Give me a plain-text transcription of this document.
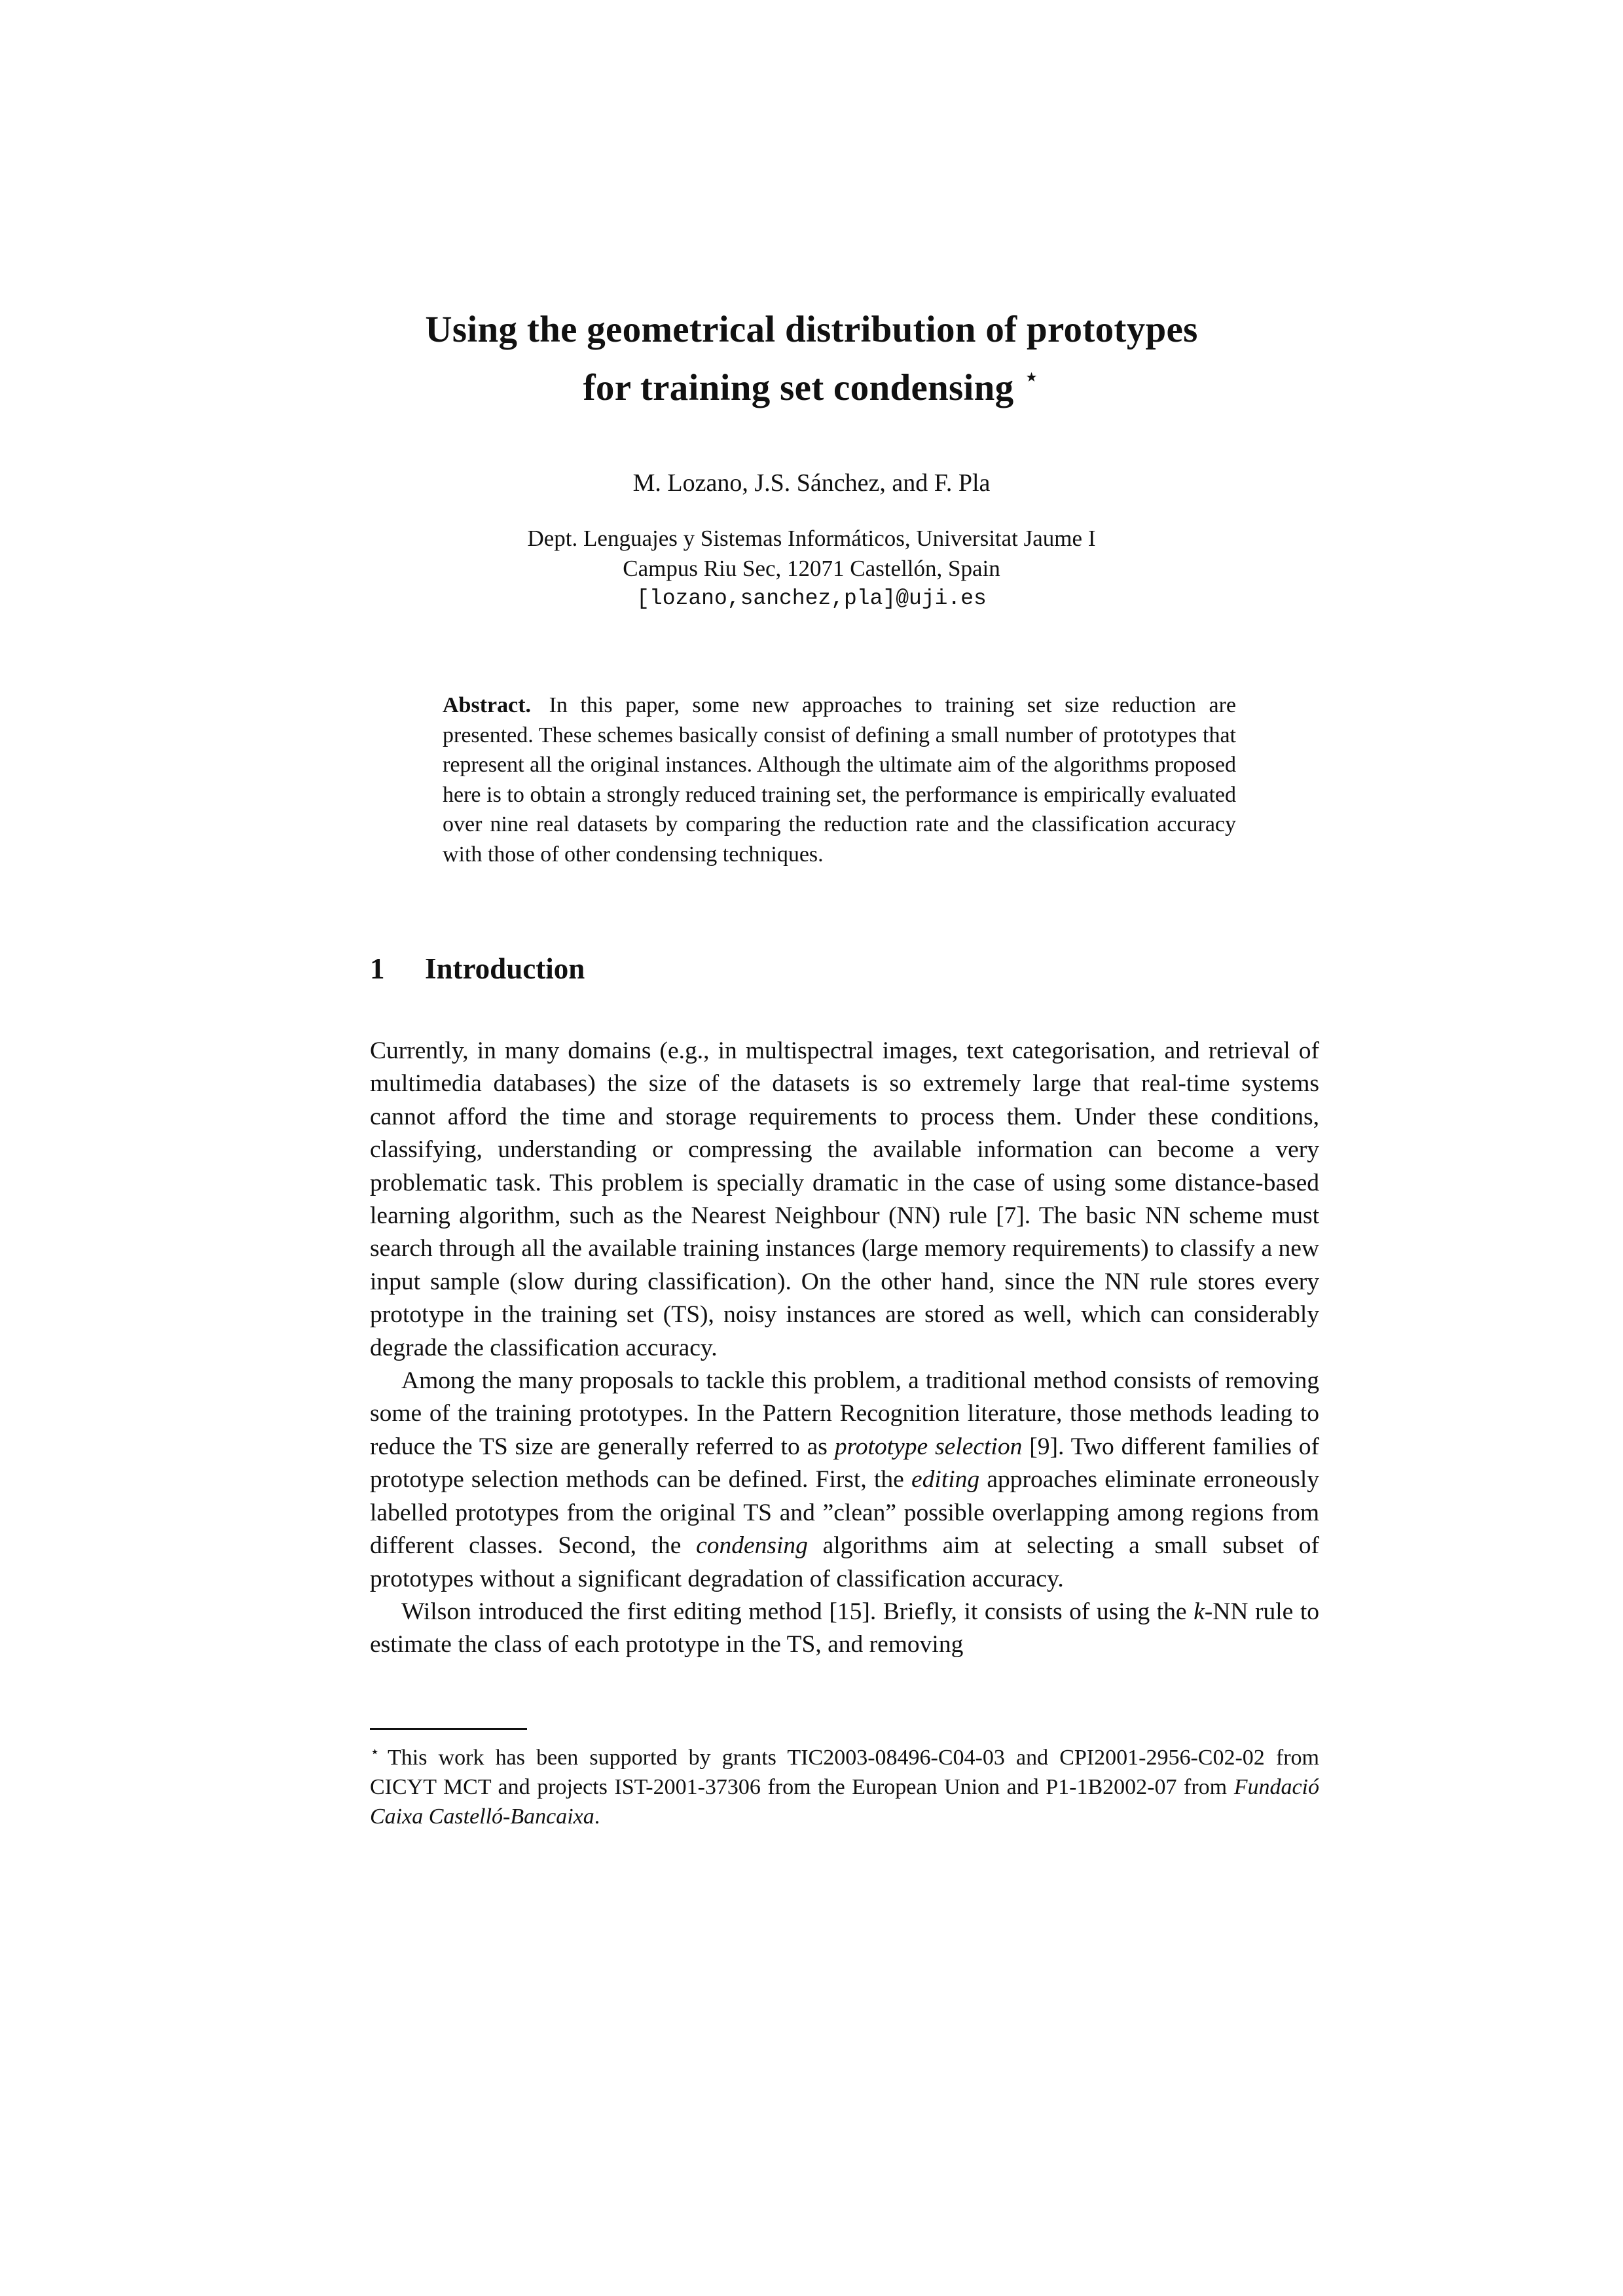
Using the geometrical distribution of prototypes
for training set condensing ⋆
M. Lozano, J.S. Sánchez, and F. Pla
Dept. Lenguajes y Sistemas Informáticos, Universitat Jaume I
Campus Riu Sec, 12071 Castellón, Spain
[lozano,sanchez,pla]@uji.es
Abstract. In this paper, some new approaches to training set size reduction are presented. These schemes basically consist of defining a small number of prototypes that represent all the original instances. Although the ultimate aim of the algorithms proposed here is to obtain a strongly reduced training set, the performance is empirically evaluated over nine real datasets by comparing the reduction rate and the classification accuracy with those of other condensing techniques.
1 Introduction

Currently, in many domains (e.g., in multispectral images, text categorisation, and retrieval of multimedia databases) the size of the datasets is so extremely large that real-time systems cannot afford the time and storage requirements to process them. Under these conditions, classifying, understanding or compressing the available information can become a very problematic task. This problem is specially dramatic in the case of using some distance-based learning algorithm, such as the Nearest Neighbour (NN) rule [7]. The basic NN scheme must search through all the available training instances (large memory requirements) to classify a new input sample (slow during classification). On the other hand, since the NN rule stores every prototype in the training set (TS), noisy instances are stored as well, which can considerably degrade the classification accuracy.

Among the many proposals to tackle this problem, a traditional method consists of removing some of the training prototypes. In the Pattern Recognition literature, those methods leading to reduce the TS size are generally referred to as prototype selection [9]. Two different families of prototype selection methods can be defined. First, the editing approaches eliminate erroneously labelled prototypes from the original TS and ”clean” possible overlapping among regions from different classes. Second, the condensing algorithms aim at selecting a small subset of prototypes without a significant degradation of classification accuracy.

Wilson introduced the first editing method [15]. Briefly, it consists of using the k-NN rule to estimate the class of each prototype in the TS, and removing

⋆ This work has been supported by grants TIC2003-08496-C04-03 and CPI2001-2956-C02-02 from CICYT MCT and projects IST-2001-37306 from the European Union and P1-1B2002-07 from Fundació Caixa Castelló-Bancaixa.
